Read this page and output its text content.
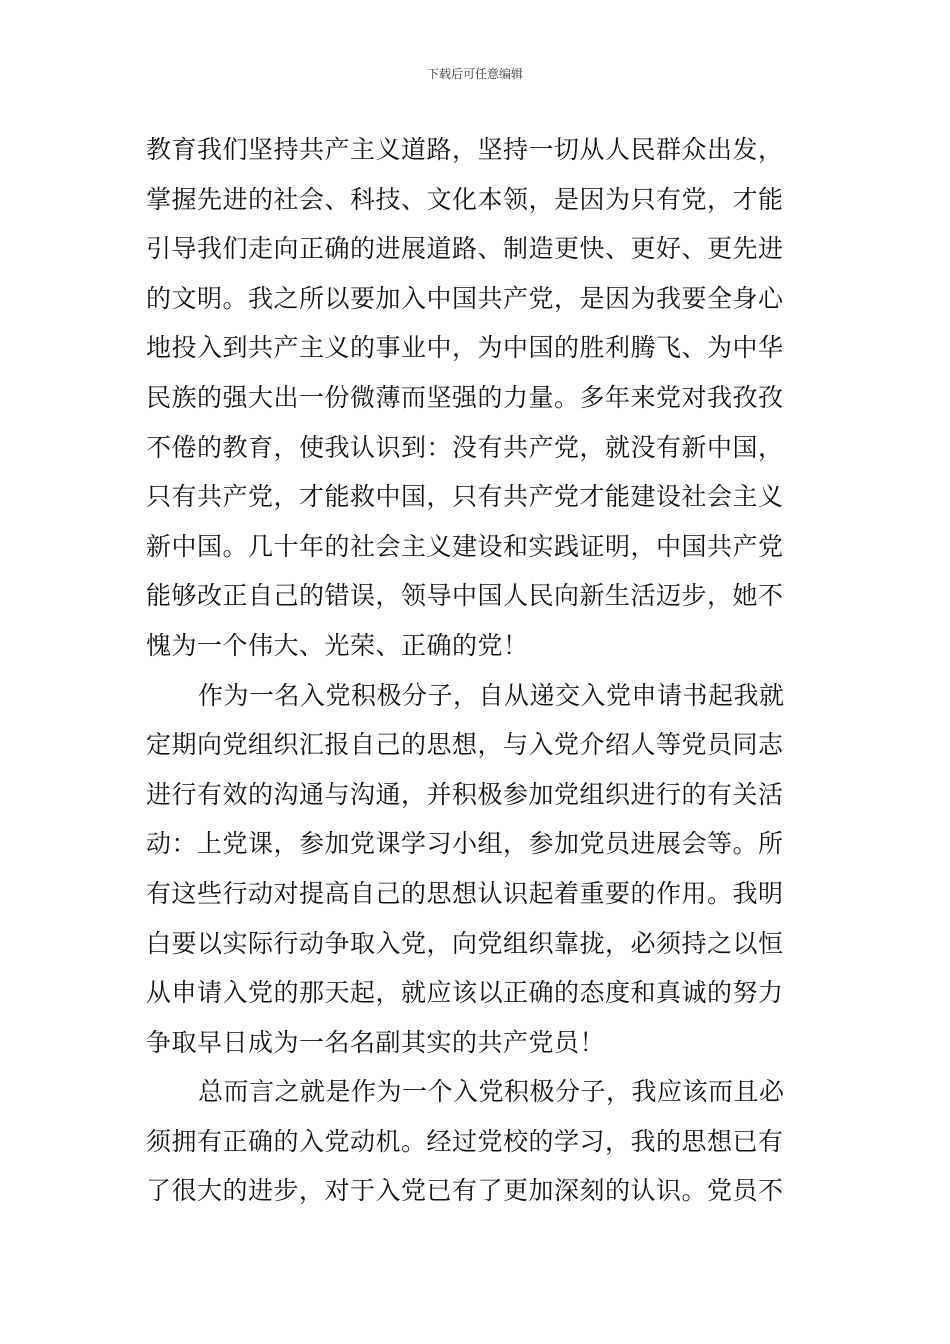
下载后可任意编辑
教育我们坚持共产主义道路，坚持一切从人民群众出发，
掌握先进的社会、科技、文化本领，是因为只有党，才能
引导我们走向正确的进展道路、制造更快、更好、更先进
的文明。我之所以要加入中国共产党，是因为我要全身心
地投入到共产主义的事业中，为中国的胜利腾飞、为中华
民族的强大出一份微薄而坚强的力量。多年来党对我孜孜
不倦的教育，使我认识到：没有共产党，就没有新中国，
只有共产党，才能救中国，只有共产党才能建设社会主义
新中国。几十年的社会主义建设和实践证明，中国共产党
能够改正自己的错误，领导中国人民向新生活迈步，她不
愧为一个伟大、光荣、正确的党！
作为一名入党积极分子，自从递交入党申请书起我就
定期向党组织汇报自己的思想，与入党介绍人等党员同志
进行有效的沟通与沟通，并积极参加党组织进行的有关活
动：上党课，参加党课学习小组，参加党员进展会等。所
有这些行动对提高自己的思想认识起着重要的作用。我明
白要以实际行动争取入党，向党组织靠拢，必须持之以恒
从申请入党的那天起，就应该以正确的态度和真诚的努力
争取早日成为一名名副其实的共产党员！
总而言之就是作为一个入党积极分子，我应该而且必
须拥有正确的入党动机。经过党校的学习，我的思想已有
了很大的进步，对于入党已有了更加深刻的认识。党员不
